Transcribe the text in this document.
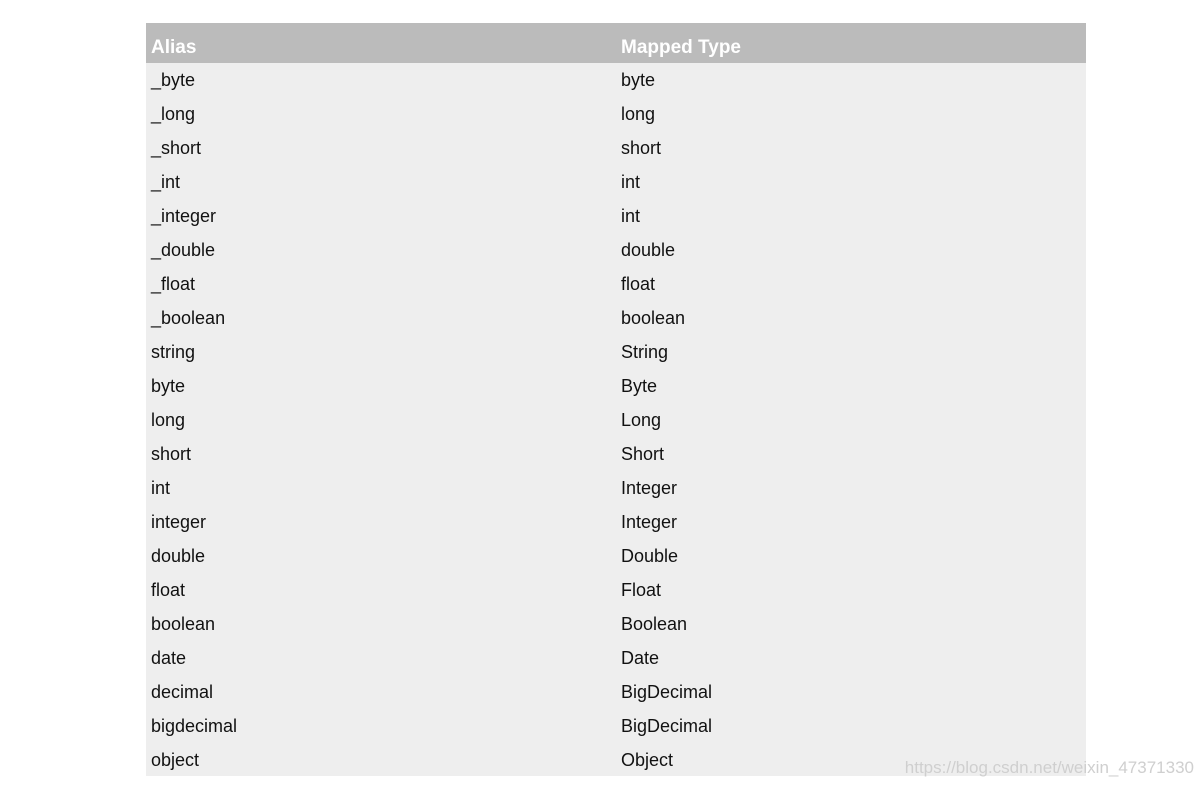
Alias	Mapped Type
_byte	byte
_long	long
_short	short
_int	int
_integer	int
_double	double
_float	float
_boolean	boolean
string	String
byte	Byte
long	Long
short	Short
int	Integer
integer	Integer
double	Double
float	Float
boolean	Boolean
date	Date
decimal	BigDecimal
bigdecimal	BigDecimal
object	Object	https://blog.csdn.net/weixin_47371330
